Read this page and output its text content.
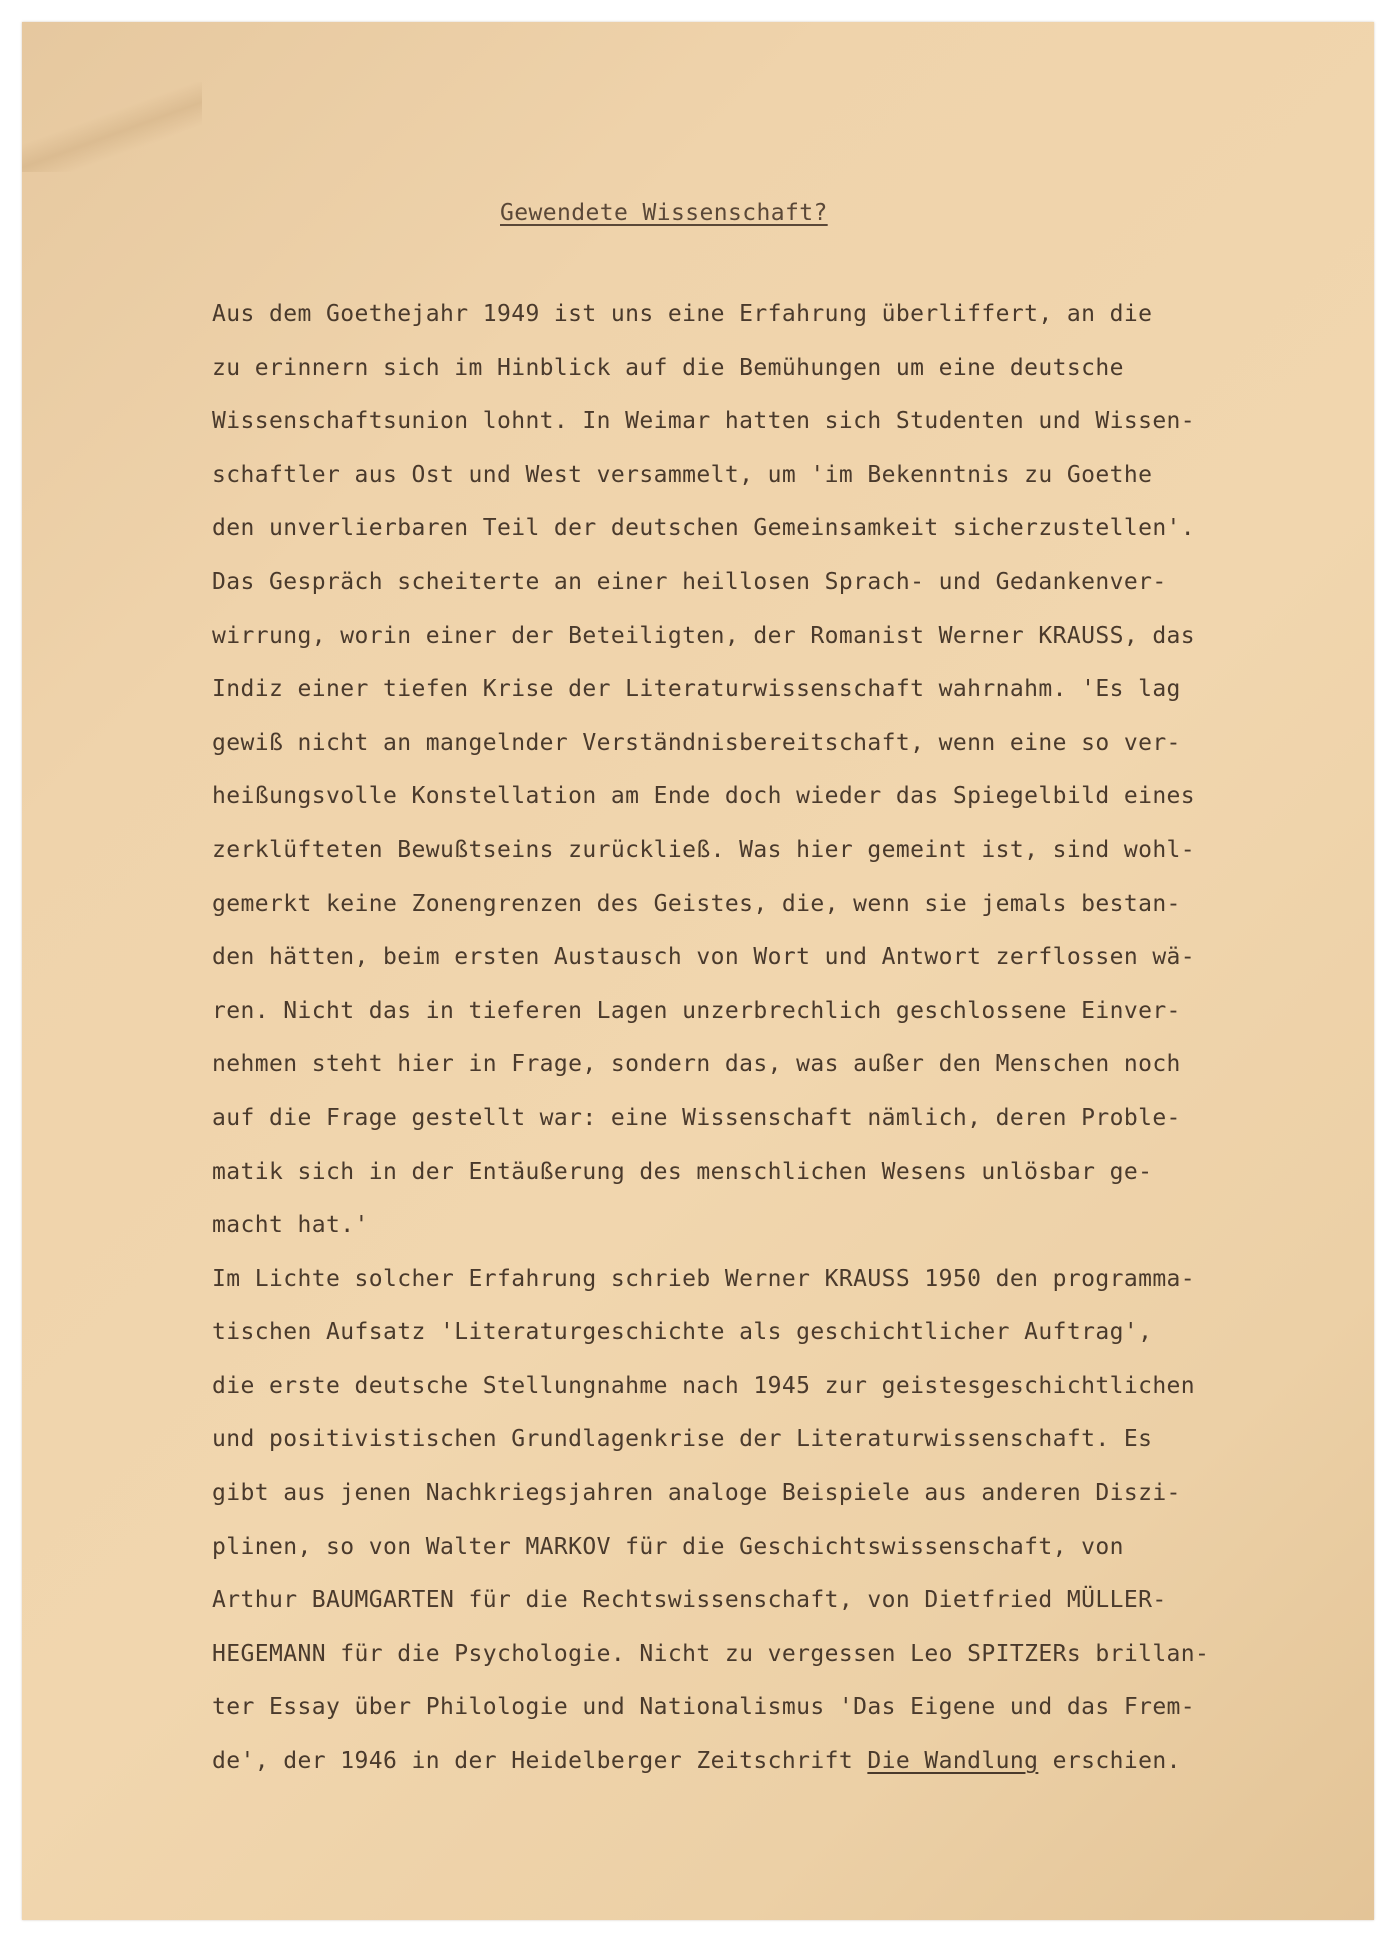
Gewendete Wissenschaft?
Aus dem Goethejahr 1949 ist uns eine Erfahrung überliffert, an die
zu erinnern sich im Hinblick auf die Bemühungen um eine deutsche
Wissenschaftsunion lohnt. In Weimar hatten sich Studenten und Wissen-
schaftler aus Ost und West versammelt, um 'im Bekenntnis zu Goethe
den unverlierbaren Teil der deutschen Gemeinsamkeit sicherzustellen'.
Das Gespräch scheiterte an einer heillosen Sprach- und Gedankenver-
wirrung, worin einer der Beteiligten, der Romanist Werner KRAUSS, das
Indiz einer tiefen Krise der Literaturwissenschaft wahrnahm. 'Es lag
gewiß nicht an mangelnder Verständnisbereitschaft, wenn eine so ver-
heißungsvolle Konstellation am Ende doch wieder das Spiegelbild eines
zerklüfteten Bewußtseins zurückließ. Was hier gemeint ist, sind wohl-
gemerkt keine Zonengrenzen des Geistes, die, wenn sie jemals bestan-
den hätten, beim ersten Austausch von Wort und Antwort zerflossen wä-
ren. Nicht das in tieferen Lagen unzerbrechlich geschlossene Einver-
nehmen steht hier in Frage, sondern das, was außer den Menschen noch
auf die Frage gestellt war: eine Wissenschaft nämlich, deren Proble-
matik sich in der Entäußerung des menschlichen Wesens unlösbar ge-
macht hat.'
Im Lichte solcher Erfahrung schrieb Werner KRAUSS 1950 den programma-
tischen Aufsatz 'Literaturgeschichte als geschichtlicher Auftrag',
die erste deutsche Stellungnahme nach 1945 zur geistesgeschichtlichen
und positivistischen Grundlagenkrise der Literaturwissenschaft. Es
gibt aus jenen Nachkriegsjahren analoge Beispiele aus anderen Diszi-
plinen, so von Walter MARKOV für die Geschichtswissenschaft, von
Arthur BAUMGARTEN für die Rechtswissenschaft, von Dietfried MÜLLER-
HEGEMANN für die Psychologie. Nicht zu vergessen Leo SPITZERs brillan-
ter Essay über Philologie und Nationalismus 'Das Eigene und das Frem-
de', der 1946 in der Heidelberger Zeitschrift Die Wandlung erschien.
